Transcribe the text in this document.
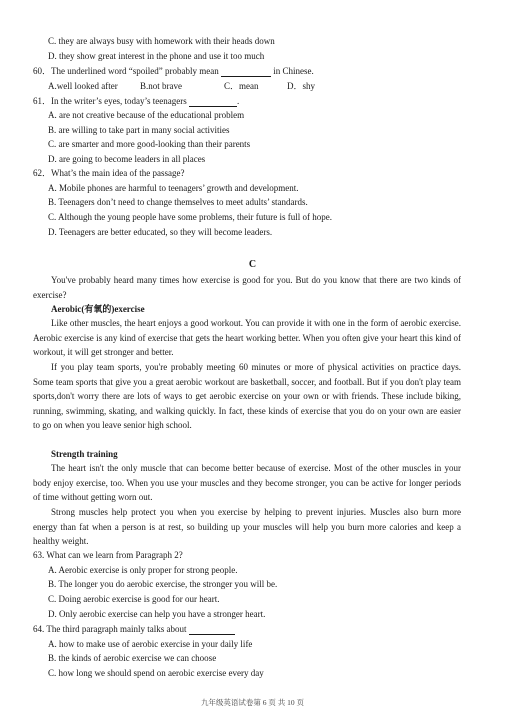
C. they are always busy with homework with their heads down
D. they show great interest in the phone and use it too much
60．The underlined word “spoiled” probably mean	in Chinese.
A.well looked after B.not brave	C．mean	D．shy
61．In the writer’s eyes, today’s teenagers	.
A. are not creative because of the educational problem
B. are willing to take part in many social activities
C. are smarter and more good-looking than their parents
D. are going to become leaders in all places
62．What’s the main idea of the passage?
A. Mobile phones are harmful to teenagers’ growth and development.
B. Teenagers don’t need to change themselves to meet adults’ standards.
C. Although the young people have some problems, their future is full of hope.
D. Teenagers are better educated, so they will become leaders.
C
You've probably heard many times how exercise is good for you. But do you know that there are two kinds of exercise?
Aerobic(有氧的)exercise
Like other muscles, the heart enjoys a good workout. You can provide it with one in the form of aerobic exercise. Aerobic exercise is any kind of exercise that gets the heart working better. When you often give your heart this kind of workout, it will get stronger and better.
If you play team sports, you're probably meeting 60 minutes or more of physical activities on practice days. Some team sports that give you a great aerobic workout are basketball, soccer, and football. But if you don't play team sports,don't worry there are lots of ways to get aerobic exercise on your own or with friends. These include biking, running, swimming, skating, and walking quickly. In fact, these kinds of exercise that you do on your own are easier to go on when you leave senior high school.
Strength training
The heart isn't the only muscle that can become better because of exercise. Most of the other muscles in your body enjoy exercise, too. When you use your muscles and they become stronger, you can be active for longer periods of time without getting worn out.
Strong muscles help protect you when you exercise by helping to prevent injuries. Muscles also burn more energy than fat when a person is at rest, so building up your muscles will help you burn more calories and keep a healthy weight.
63. What can we learn from Paragraph 2?
A. Aerobic exercise is only proper for strong people.
B. The longer you do aerobic exercise, the stronger you will be.
C. Doing aerobic exercise is good for our heart.
D. Only aerobic exercise can help you have a stronger heart.
64. The third paragraph mainly talks about
A. how to make use of aerobic exercise in your daily life
B. the kinds of aerobic exercise we can choose
C. how long we should spend on aerobic exercise every day
九年级英语试卷第 6 页 共 10 页
